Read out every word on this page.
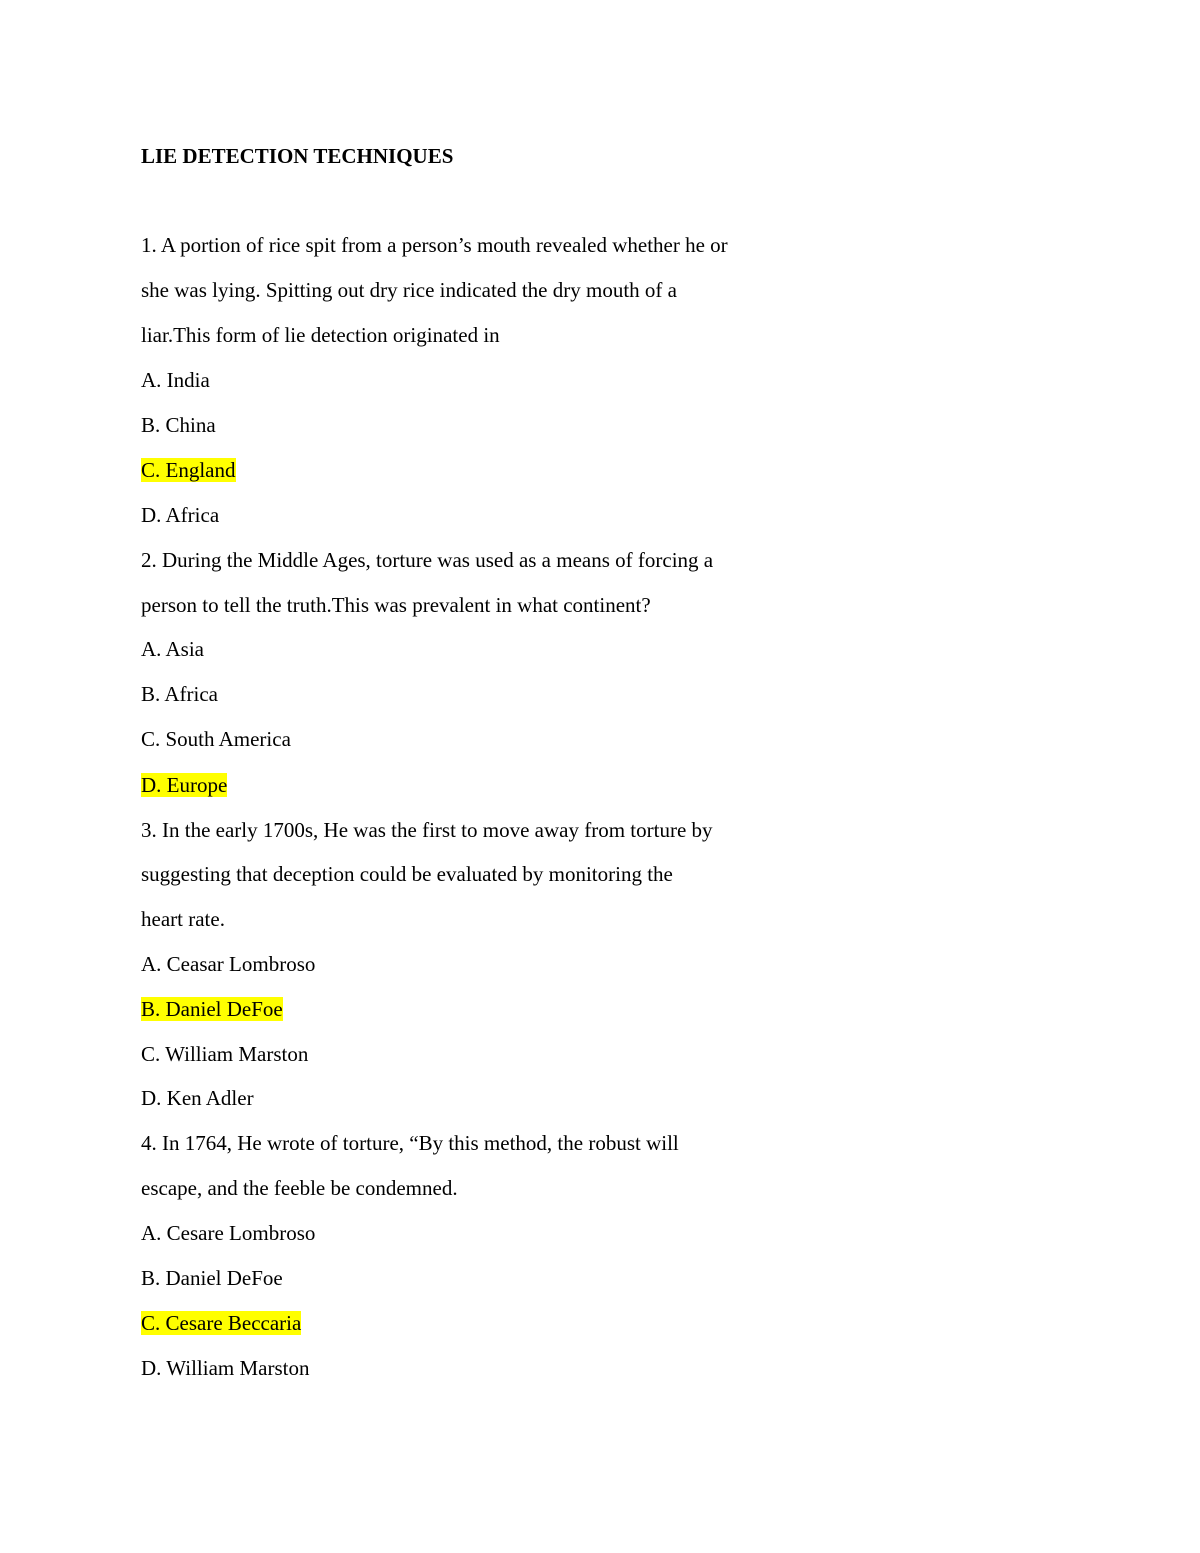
LIE DETECTION TECHNIQUES
1. A portion of rice spit from a person’s mouth revealed whether he or
she was lying. Spitting out dry rice indicated the dry mouth of a
liar.This form of lie detection originated in
A. India
B. China
C. England
D. Africa
2. During the Middle Ages, torture was used as a means of forcing a
person to tell the truth.This was prevalent in what continent?
A. Asia
B. Africa
C. South America
D. Europe
3. In the early 1700s, He was the first to move away from torture by
suggesting that deception could be evaluated by monitoring the
heart rate.
A. Ceasar Lombroso
B. Daniel DeFoe
C. William Marston
D. Ken Adler
4. In 1764, He wrote of torture, “By this method, the robust will
escape, and the feeble be condemned.
A. Cesare Lombroso
B. Daniel DeFoe
C. Cesare Beccaria
D. William Marston
